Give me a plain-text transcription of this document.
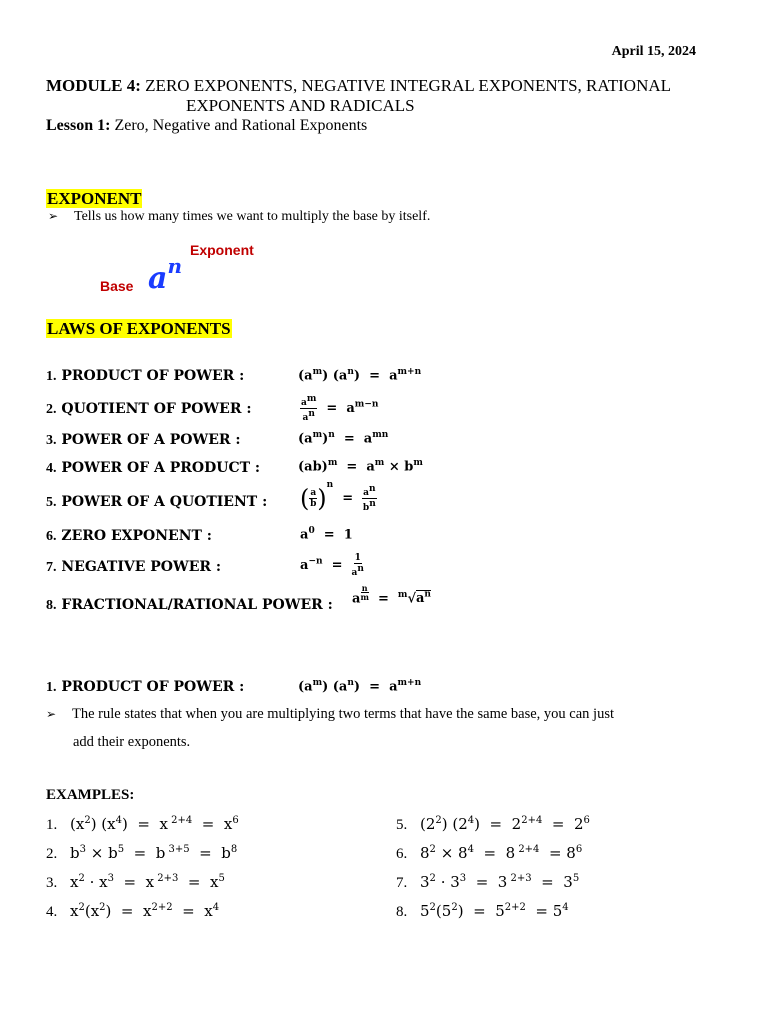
April 15, 2024
MODULE 4: ZERO EXPONENTS, NEGATIVE INTEGRAL EXPONENTS, RATIONAL
EXPONENTS AND RADICALS
Lesson 1: Zero, Negative and Rational Exponents
EXPONENT
➢ Tells us how many times we want to multiply the base by itself.
Exponent
Base $a^n$
LAWS OF EXPONENTS
1. PRODUCT OF POWER :	$(a^m) (a^n) = a^{m+n}$
2. QUOTIENT OF POWER :	$\frac{a^m}{a^n} = a^{m-n}$
3. POWER OF A POWER :	$(a^m)^n = a^{mn}$
4. POWER OF A PRODUCT :	$(ab)^m = a^m \times b^m$
5. POWER OF A QUOTIENT : ( $\frac{a}{b} )^n = \frac{a^n}{b^n}$
6. ZERO EXPONENT :	$a^0 = 1$
7. NEGATIVE POWER :	$a^{-n} = \frac{1}{a^n}$
8. FRACTIONAL/RATIONAL POWER : a $\frac{n}{m} = ^m√a^n$
1. PRODUCT OF POWER :	$(a^m) (a^n) = a^{m+n}$
➢ The rule states that when you are multiplying two terms that have the same base, you can just
add their exponents.
EXAMPLES:
1. $(x^2) (x^4) = x$ $^{2+4} = x^6$
2. $b^3 \times b^5 = b$ $^{3+5} = b^8$
3. $x^2 \cdot x^3 = x$ $^{2+3} = x^5$
4. $x^2(x^2) = x^{2+2} = x^4$
5. $(2^2) (2^4) = 2^{2+4} = 2^6$
6. $8^2 \times 8^4 = 8$ $^{2+4} = 8^6$
7. $3^2 \cdot 3^3 = 3$ $^{2+3} = 3^5$
8. $5^2(5^2) = 5^{2+2} = 5^4$
